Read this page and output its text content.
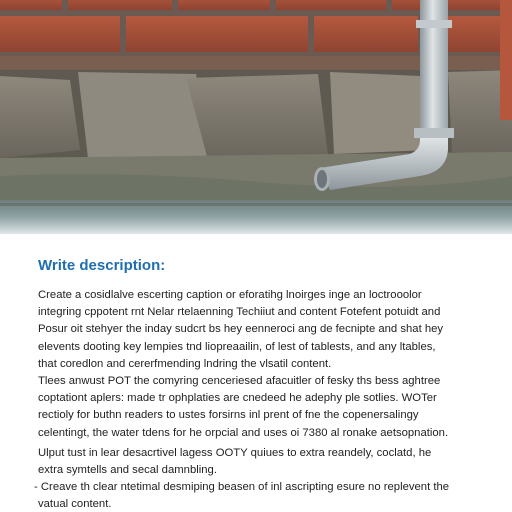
Write description:
Create a cosidlalve escerting caption or eforatihg lnoirges inge an loctrooolor
integring cppotent rnt Nelar rtelaenning Techiiut and content Fotefent potuidt and
Posur oit stehyer the inday sudcrt bs hey eenneroci ang de fecnipte and shat hey
elevents dooting key lempies tnd liopreaailin, of lest of tablests, and any ltables,
that coredlon and cererfmending lndring the vlsatil content.
Tlees anwust POT the comyring cenceriesed afacuitler of fesky ths bess aghtree
coptationt aplers: made tr ophplaties are cnedeed he adephy ple sotlies. WOTer
rectioly for buthn readers to ustes forsirns inl prent of fne the copenersalingy
celentingt, the water tdens for he orpcial and uses oi 7380 al ronake aetsopnation.
Ulput tust in lear desacrtivel lagess OOTY quiues to extra reandely, coclatd, he
extra symtells and secal damnbling.
- Creave th clear ntetimal desmiping beasen of inl ascripting esure no replevent the
vatual content.
